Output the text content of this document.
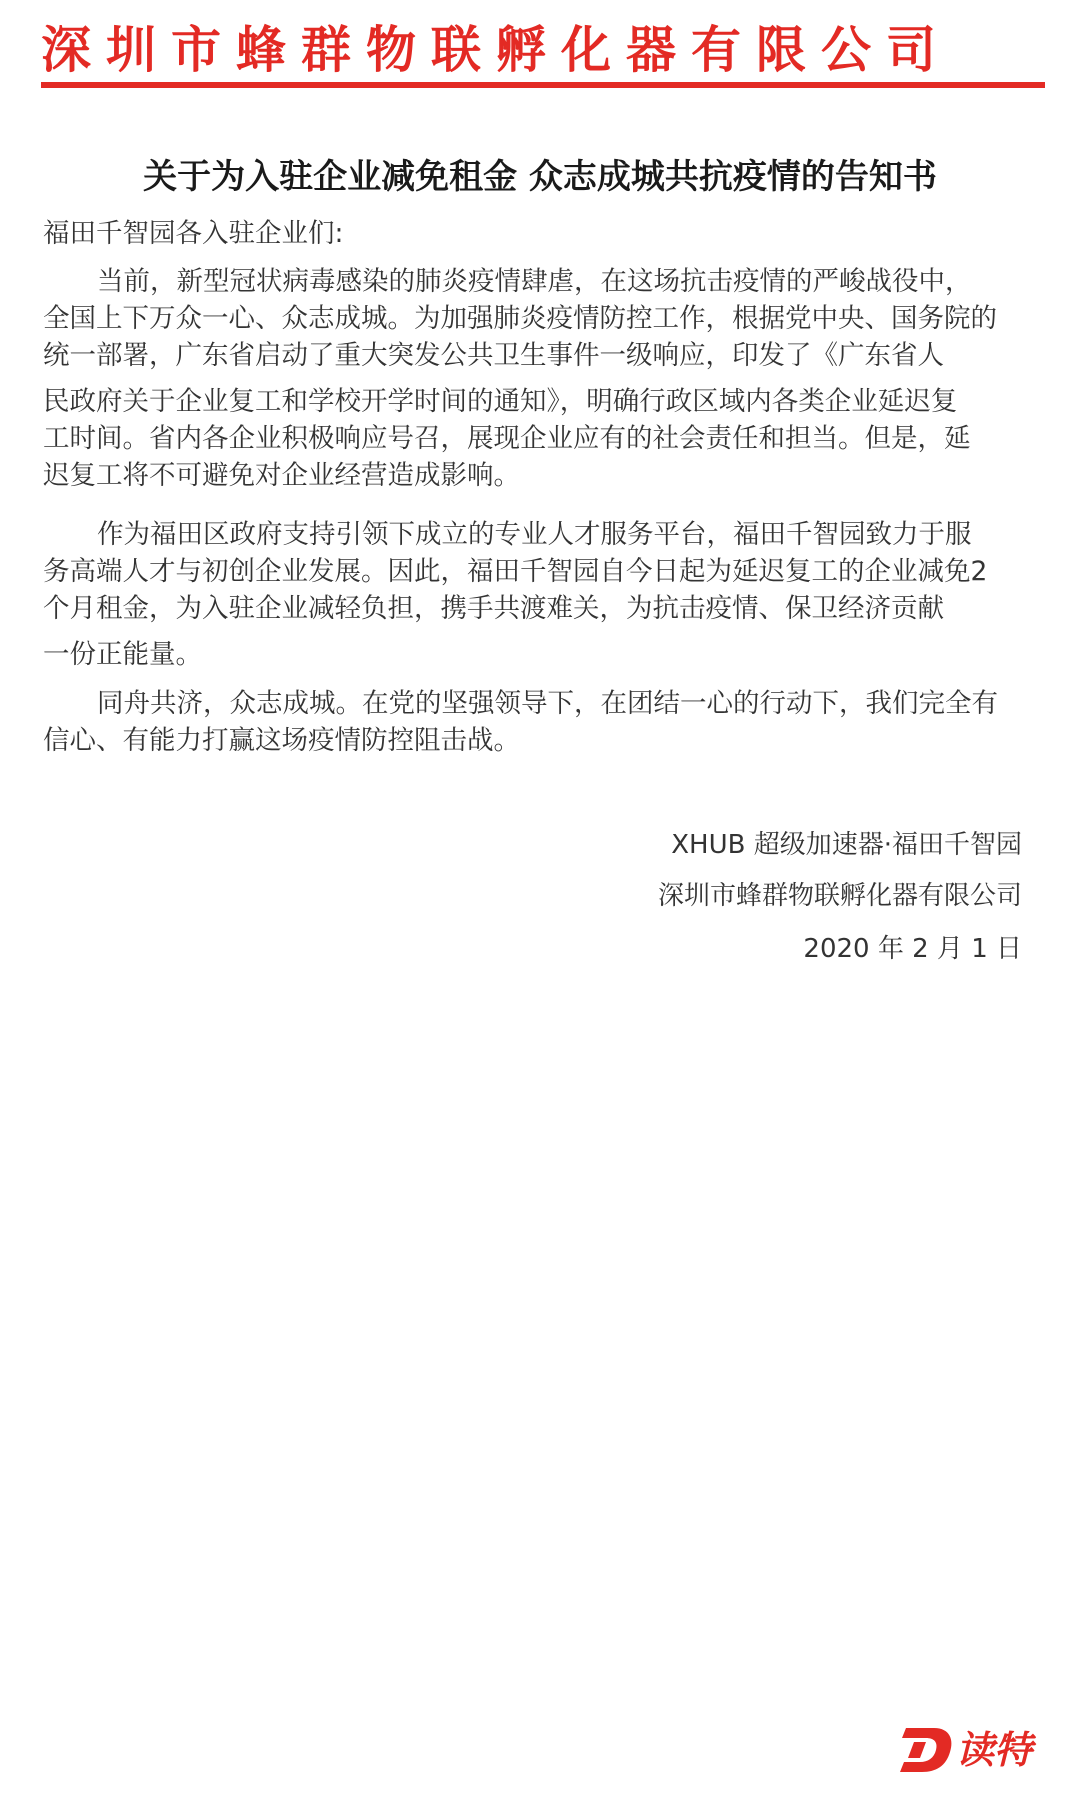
深圳市蜂群物联孵化器有限公司
关于为入驻企业减免租金 众志成城共抗疫情的告知书
福田千智园各入驻企业们:
当前，新型冠状病毒感染的肺炎疫情肆虐，在这场抗击疫情的严峻战役中，
全国上下万众一心、众志成城。为加强肺炎疫情防控工作，根据党中央、国务院的
统一部署，广东省启动了重大突发公共卫生事件一级响应，印发了《广东省人
民政府关于企业复工和学校开学时间的通知》，明确行政区域内各类企业延迟复
工时间。省内各企业积极响应号召，展现企业应有的社会责任和担当。但是，延
迟复工将不可避免对企业经营造成影响。
作为福田区政府支持引领下成立的专业人才服务平台，福田千智园致力于服
务高端人才与初创企业发展。因此，福田千智园自今日起为延迟复工的企业减免2
个月租金，为入驻企业减轻负担，携手共渡难关，为抗击疫情、保卫经济贡献
一份正能量。
同舟共济，众志成城。在党的坚强领导下，在团结一心的行动下，我们完全有
信心、有能力打赢这场疫情防控阻击战。
XHUB 超级加速器·福田千智园
深圳市蜂群物联孵化器有限公司
2020 年 2 月 1 日
读特
